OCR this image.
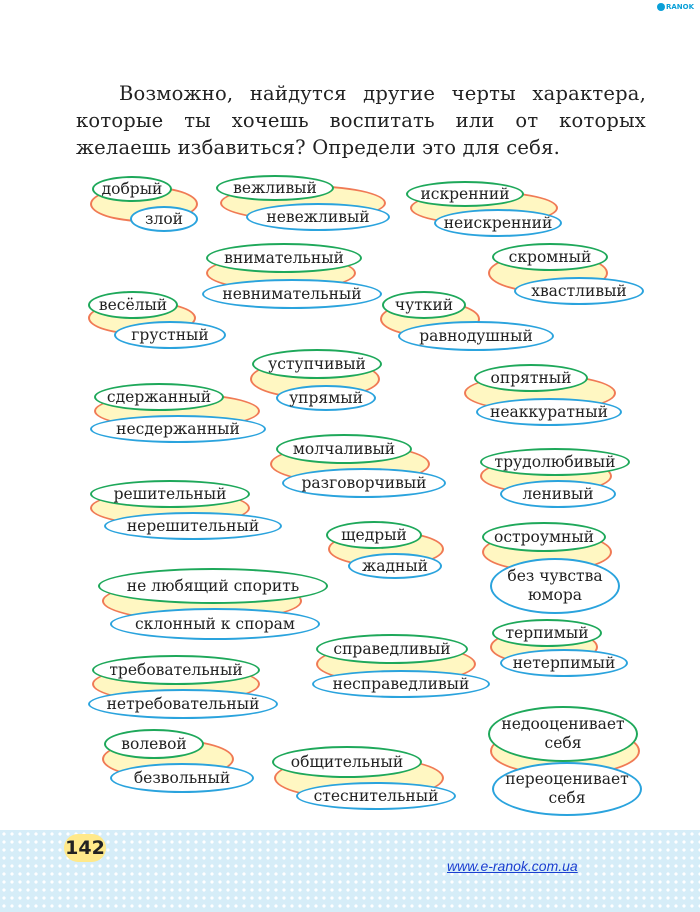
RANOK

Возможно, найдутся другие черты характера, которые ты хочешь воспитать или от которых желаешь избавиться? Определи это для себя.

добрый
злой
вежливый
невежливый
искренний
неискренний
внимательный
невнимательный
скромный
хвастливый
весёлый
грустный
чуткий
равнодушный
уступчивый
упрямый
опрятный
неаккуратный
сдержанный
несдержанный
молчаливый
разговорчивый
трудолюбивый
ленивый
решительный
нерешительный	щедрый
жадный
остроумный
без чувства юмора
не любящий спорить
склонный к спорам	терпимый
нетерпимый
справедливый
несправедливый
требовательный
нетребовательный
недооценивает себя
переоценивает себя
волевой
безвольный
общительный
стеснительный
142
www.e-ranok.com.ua
